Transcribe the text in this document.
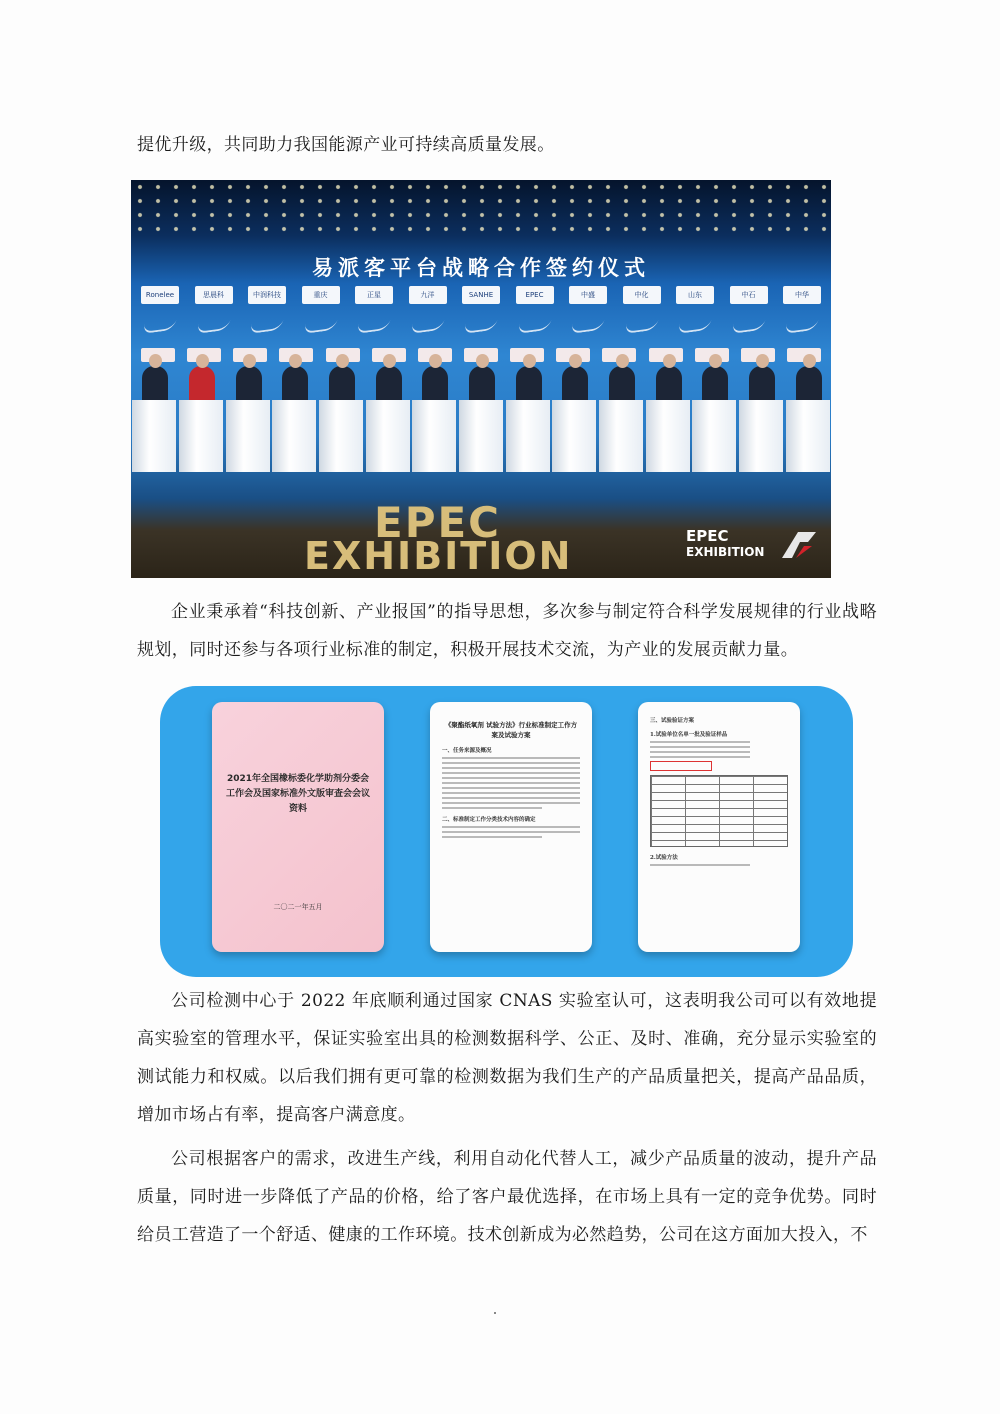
提优升级，共同助力我国能源产业可持续高质量发展。

易派客平台战略合作签约仪式
Ronelee	思晨科	中润科技	重庆	正星	九洋	SANHE	EPEC	中盛	中化	山东	中石	中华
EPEC
EXHIBITION	EPEC
EXHIBITION

企业秉承着“科技创新、产业报国”的指导思想，多次参与制定符合科学发展规律的行业战略规划，同时还参与各项行业标准的制定，积极开展技术交流，为产业的发展贡献力量。

2021年全国橡标委化学助剂分委会工作会及国家标准外文版审查会会议资料
二〇二一年五月
《聚酯纸氧剂 试验方法》行业标准制定工作方案及试验方案
一、任务来源及概况
二、标准制定工作分类技术内容的确定
三、试验验证方案
1.试验单位名单一批及验证样品
2.试验方法

公司检测中心于 2022 年底顺利通过国家 CNAS 实验室认可，这表明我公司可以有效地提高实验室的管理水平，保证实验室出具的检测数据科学、公正、及时、准确，充分显示实验室的测试能力和权威。以后我们拥有更可靠的检测数据为我们生产的产品质量把关，提高产品品质，增加市场占有率，提高客户满意度。

公司根据客户的需求，改进生产线，利用自动化代替人工，减少产品质量的波动，提升产品质量，同时进一步降低了产品的价格，给了客户最优选择，在市场上具有一定的竞争优势。同时给员工营造了一个舒适、健康的工作环境。技术创新成为必然趋势，公司在这方面加大投入，不
